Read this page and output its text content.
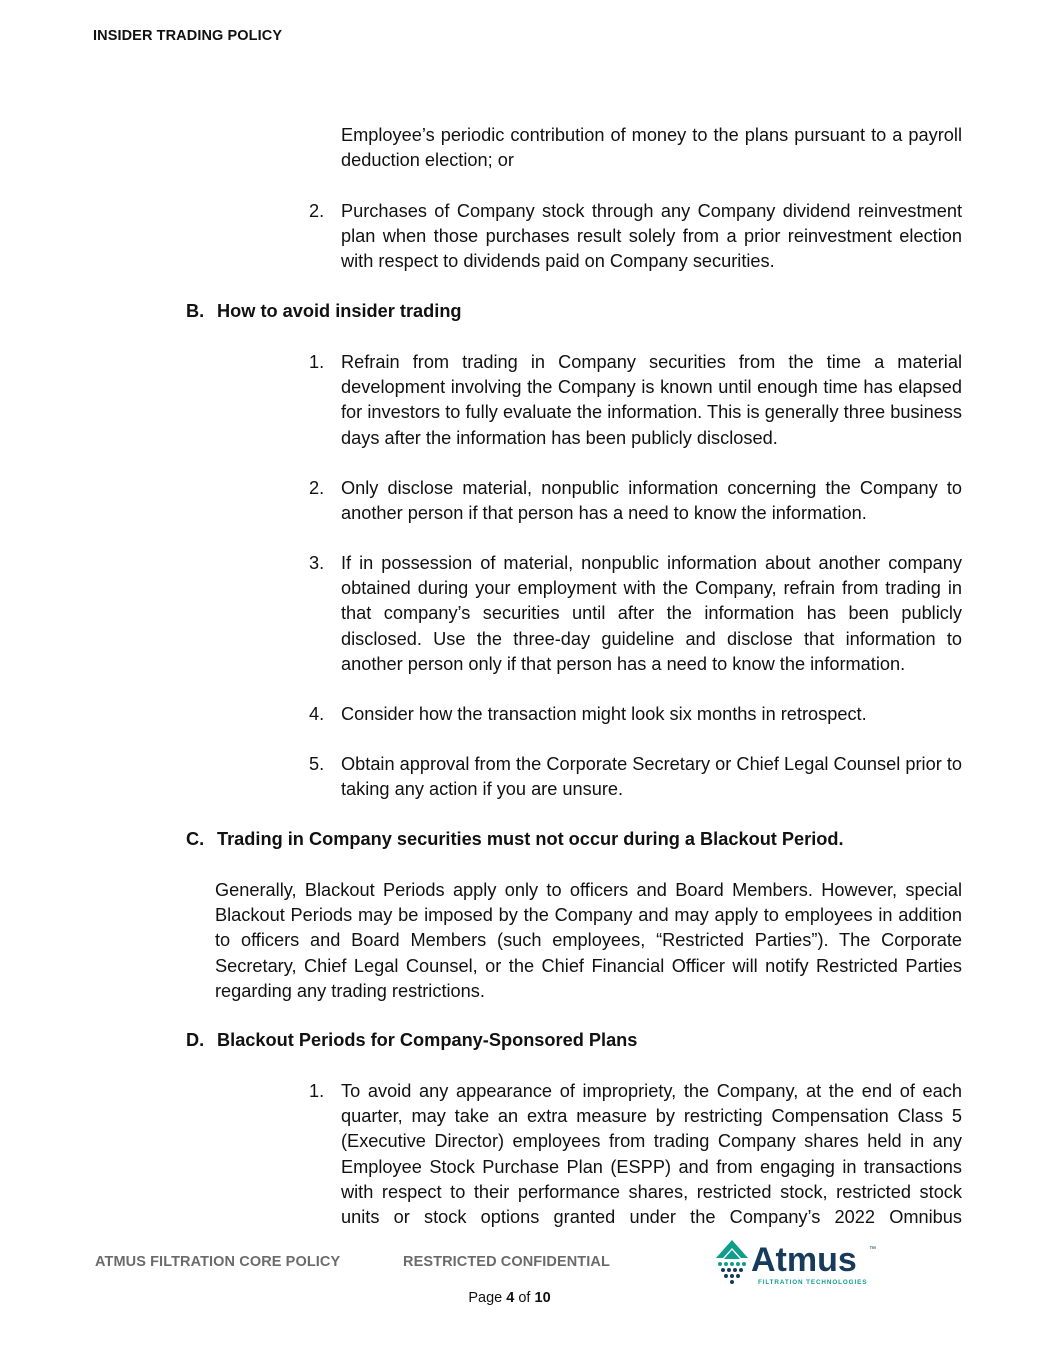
INSIDER TRADING POLICY
Employee’s periodic contribution of money to the plans pursuant to a payroll deduction election; or
2. Purchases of Company stock through any Company dividend reinvestment plan when those purchases result solely from a prior reinvestment election with respect to dividends paid on Company securities.
B. How to avoid insider trading
1. Refrain from trading in Company securities from the time a material development involving the Company is known until enough time has elapsed for investors to fully evaluate the information. This is generally three business days after the information has been publicly disclosed.
2. Only disclose material, nonpublic information concerning the Company to another person if that person has a need to know the information.
3. If in possession of material, nonpublic information about another company obtained during your employment with the Company, refrain from trading in that company’s securities until after the information has been publicly disclosed. Use the three-day guideline and disclose that information to another person only if that person has a need to know the information.
4. Consider how the transaction might look six months in retrospect.
5. Obtain approval from the Corporate Secretary or Chief Legal Counsel prior to taking any action if you are unsure.
C. Trading in Company securities must not occur during a Blackout Period.
Generally, Blackout Periods apply only to officers and Board Members. However, special Blackout Periods may be imposed by the Company and may apply to employees in addition to officers and Board Members (such employees, “Restricted Parties”). The Corporate Secretary, Chief Legal Counsel, or the Chief Financial Officer will notify Restricted Parties regarding any trading restrictions.
D. Blackout Periods for Company-Sponsored Plans
1. To avoid any appearance of impropriety, the Company, at the end of each quarter, may take an extra measure by restricting Compensation Class 5 (Executive Director) employees from trading Company shares held in any Employee Stock Purchase Plan (ESPP) and from engaging in transactions with respect to their performance shares, restricted stock, restricted stock units or stock options granted under the Company’s 2022 Omnibus
ATMUS FILTRATION CORE POLICY	RESTRICTED CONFIDENTIAL	Atmus ™
FILTRATION TECHNOLOGIES
Page 4 of 10
